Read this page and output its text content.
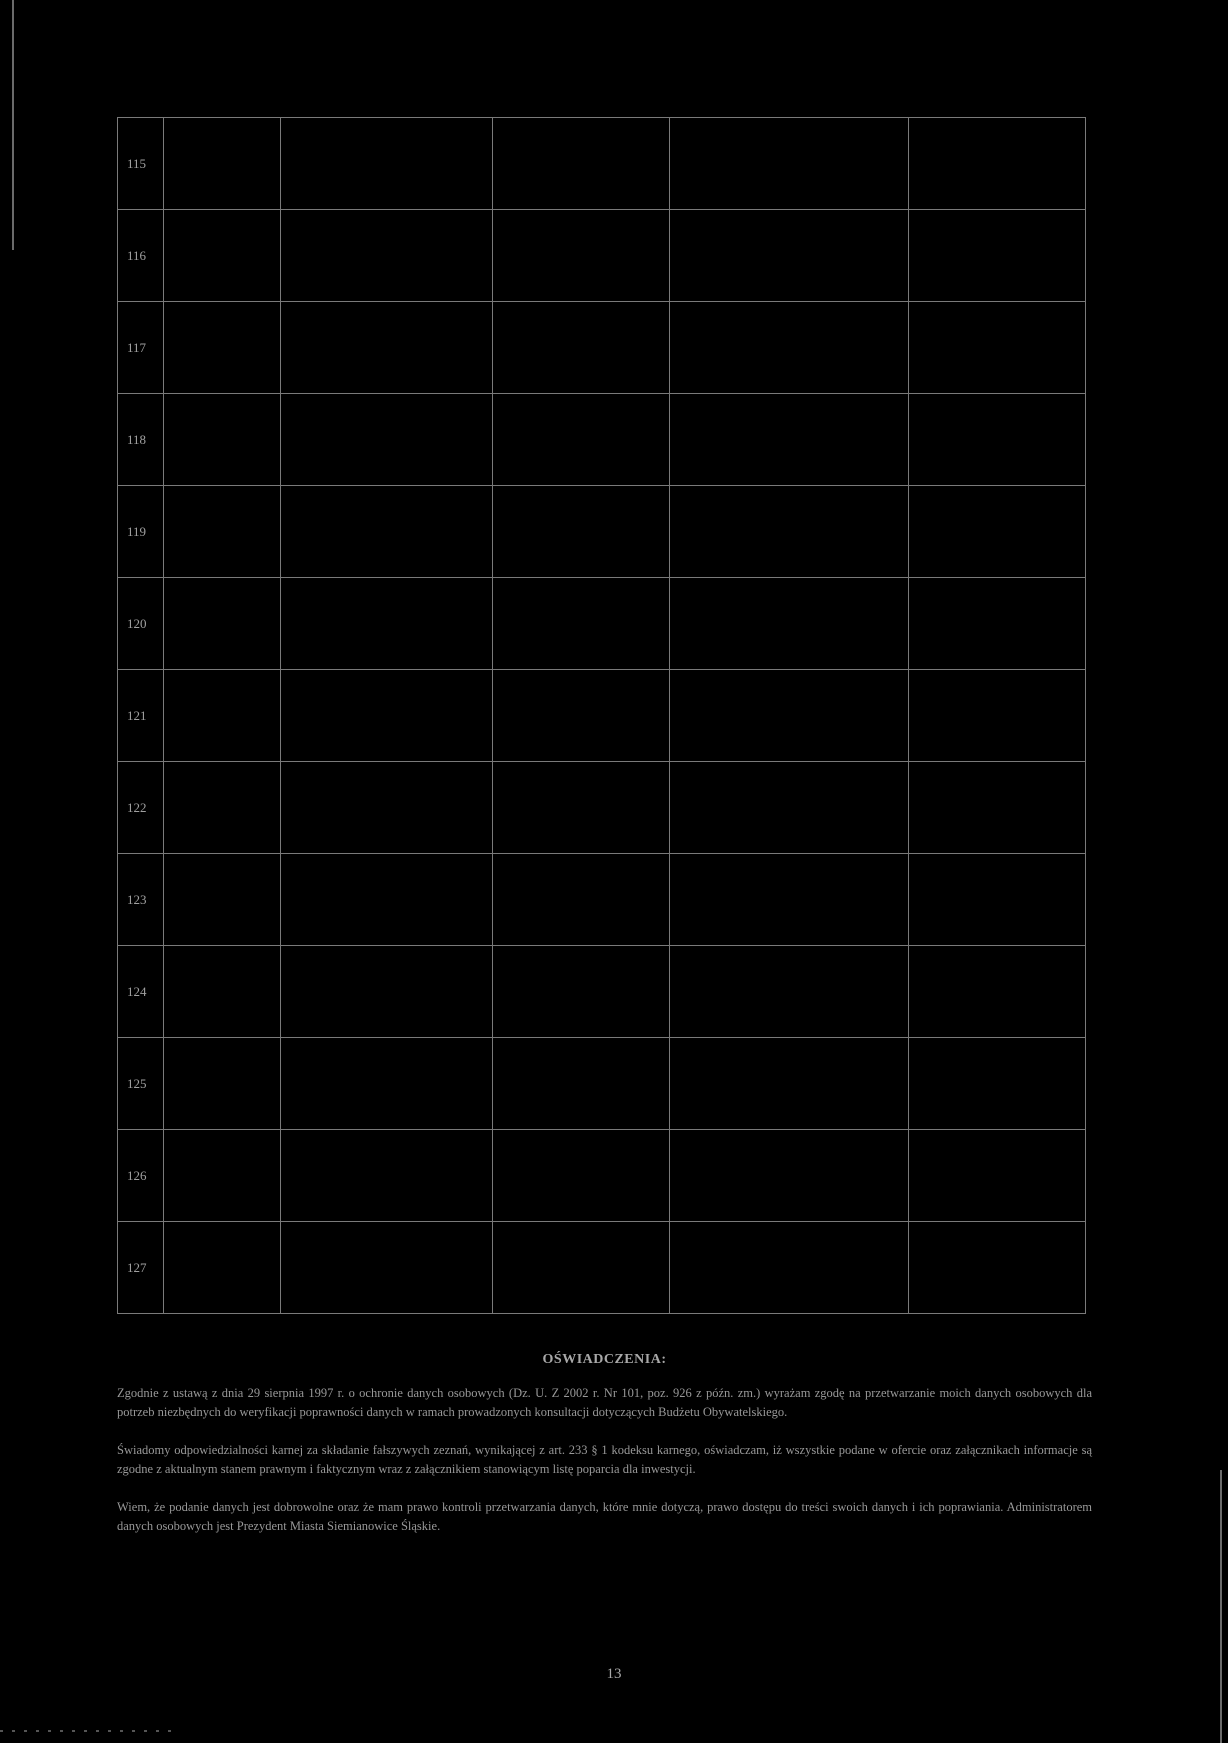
115					
116					
117					
118					
119					
120					
121					
122					
123					
124					
125					
126					
127					
OŚWIADCZENIA:

Zgodnie z ustawą z dnia 29 sierpnia 1997 r. o ochronie danych osobowych (Dz. U. Z 2002 r. Nr 101, poz. 926 z późn. zm.) wyrażam zgodę na przetwarzanie moich danych osobowych dla potrzeb niezbędnych do weryfikacji poprawności danych w ramach prowadzonych konsultacji dotyczących Budżetu Obywatelskiego.

Świadomy odpowiedzialności karnej za składanie fałszywych zeznań, wynikającej z art. 233 § 1 kodeksu karnego, oświadczam, iż wszystkie podane w ofercie oraz załącznikach informacje są zgodne z aktualnym stanem prawnym i faktycznym wraz z załącznikiem stanowiącym listę poparcia dla inwestycji.

Wiem, że podanie danych jest dobrowolne oraz że mam prawo kontroli przetwarzania danych, które mnie dotyczą, prawo dostępu do treści swoich danych i ich poprawiania. Administratorem danych osobowych jest Prezydent Miasta Siemianowice Śląskie.

13
